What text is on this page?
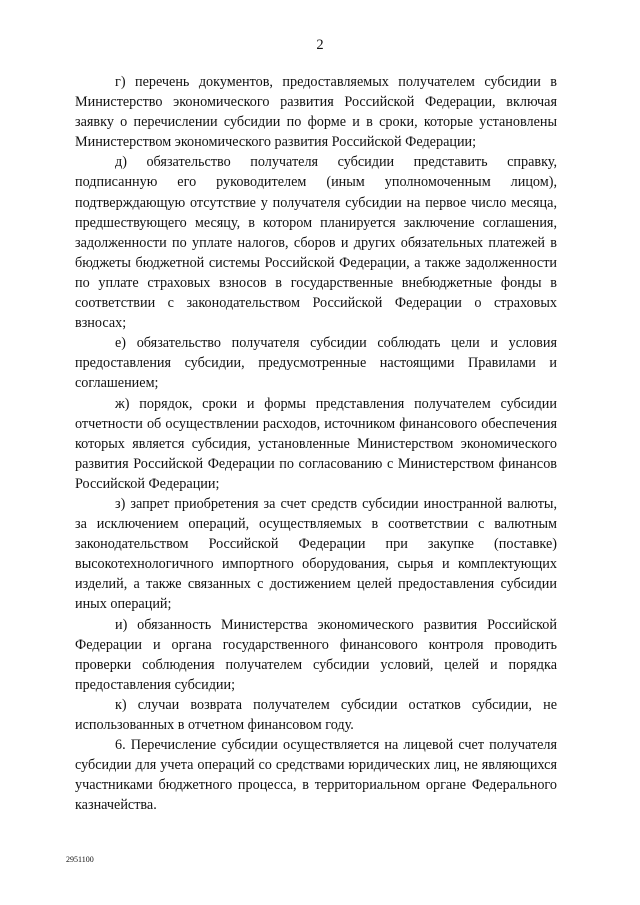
2

г) перечень документов, предоставляемых получателем субсидии в Министерство экономического развития Российской Федерации, включая заявку о перечислении субсидии по форме и в сроки, которые установлены Министерством экономического развития Российской Федерации;

д) обязательство получателя субсидии представить справку, подписанную его руководителем (иным уполномоченным лицом), подтверждающую отсутствие у получателя субсидии на первое число месяца, предшествующего месяцу, в котором планируется заключение соглашения, задолженности по уплате налогов, сборов и других обязательных платежей в бюджеты бюджетной системы Российской Федерации, а также задолженности по уплате страховых взносов в государственные внебюджетные фонды в соответствии с законодательством Российской Федерации о страховых взносах;

е) обязательство получателя субсидии соблюдать цели и условия предоставления субсидии, предусмотренные настоящими Правилами и соглашением;

ж) порядок, сроки и формы представления получателем субсидии отчетности об осуществлении расходов, источником финансового обеспечения которых является субсидия, установленные Министерством экономического развития Российской Федерации по согласованию с Министерством финансов Российской Федерации;

з) запрет приобретения за счет средств субсидии иностранной валюты, за исключением операций, осуществляемых в соответствии с валютным законодательством Российской Федерации при закупке (поставке) высокотехнологичного импортного оборудования, сырья и комплектующих изделий, а также связанных с достижением целей предоставления субсидии иных операций;

и) обязанность Министерства экономического развития Российской Федерации и органа государственного финансового контроля проводить проверки соблюдения получателем субсидии условий, целей и порядка предоставления субсидии;

к) случаи возврата получателем субсидии остатков субсидии, не использованных в отчетном финансовом году.

6. Перечисление субсидии осуществляется на лицевой счет получателя субсидии для учета операций со средствами юридических лиц, не являющихся участниками бюджетного процесса, в территориальном органе Федерального казначейства.

2951100
